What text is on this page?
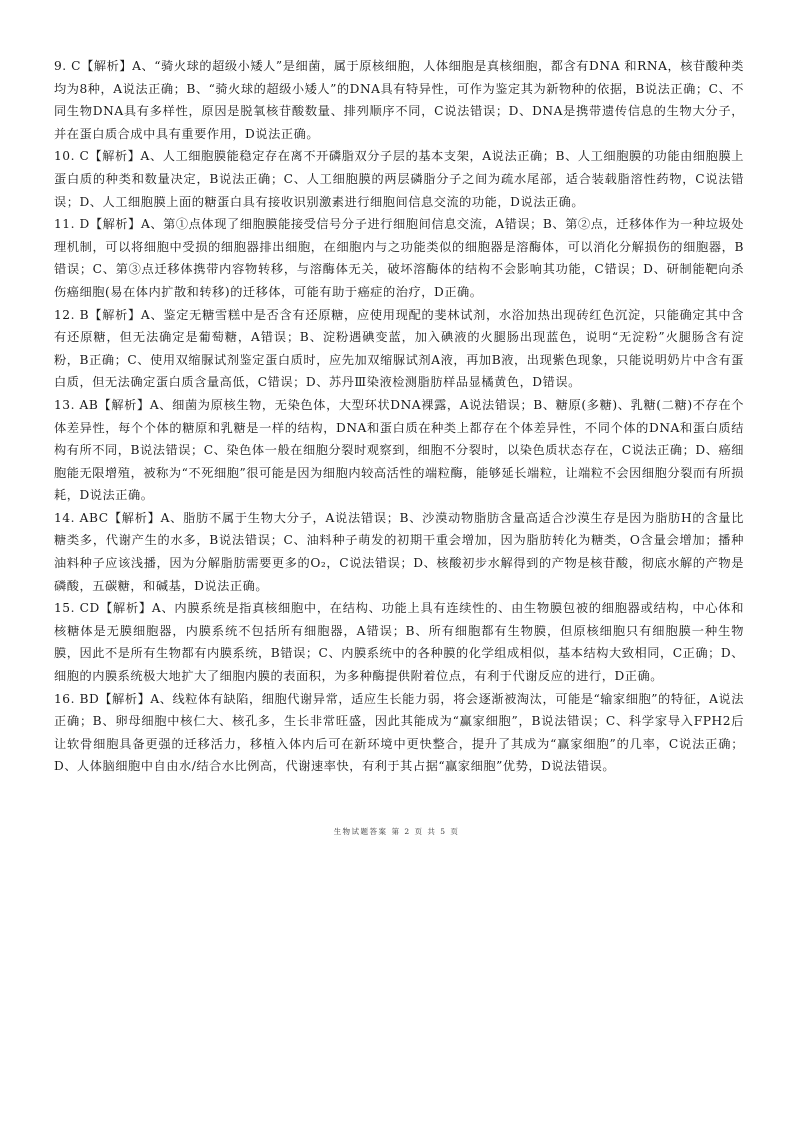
9. C【解析】A、“骑火球的超级小矮人”是细菌，属于原核细胞，人体细胞是真核细胞，都含有DNA 和RNA，核苷酸种类均为8种，A说法正确；B、“骑火球的超级小矮人”的DNA具有特异性，可作为鉴定其为新物种的依据，B说法正确；C、不同生物DNA具有多样性，原因是脱氧核苷酸数量、排列顺序不同，C说法错误；D、DNA是携带遗传信息的生物大分子，并在蛋白质合成中具有重要作用，D说法正确。

10. C【解析】A、人工细胞膜能稳定存在离不开磷脂双分子层的基本支架，A说法正确；B、人工细胞膜的功能由细胞膜上蛋白质的种类和数量决定，B说法正确；C、人工细胞膜的两层磷脂分子之间为疏水尾部，适合装载脂溶性药物，C说法错误；D、人工细胞膜上面的糖蛋白具有接收识别激素进行细胞间信息交流的功能，D说法正确。

11. D【解析】A、第①点体现了细胞膜能接受信号分子进行细胞间信息交流，A错误；B、第②点，迁移体作为一种垃圾处理机制，可以将细胞中受损的细胞器排出细胞，在细胞内与之功能类似的细胞器是溶酶体，可以消化分解损伤的细胞器，B错误；C、第③点迁移体携带内容物转移，与溶酶体无关，破坏溶酶体的结构不会影响其功能，C错误；D、研制能靶向杀伤癌细胞(易在体内扩散和转移)的迁移体，可能有助于癌症的治疗，D正确。

12. B【解析】A、鉴定无糖雪糕中是否含有还原糖，应使用现配的斐林试剂，水浴加热出现砖红色沉淀，只能确定其中含有还原糖，但无法确定是葡萄糖，A错误；B、淀粉遇碘变蓝，加入碘液的火腿肠出现蓝色，说明“无淀粉”火腿肠含有淀粉，B正确；C、使用双缩脲试剂鉴定蛋白质时，应先加双缩脲试剂A液，再加B液，出现紫色现象，只能说明奶片中含有蛋白质，但无法确定蛋白质含量高低，C错误；D、苏丹Ⅲ染液检测脂肪样品显橘黄色，D错误。

13. AB【解析】A、细菌为原核生物，无染色体，大型环状DNA裸露，A说法错误；B、糖原(多糖)、乳糖(二糖)不存在个体差异性，每个个体的糖原和乳糖是一样的结构，DNA和蛋白质在种类上都存在个体差异性，不同个体的DNA和蛋白质结构有所不同，B说法错误；C、染色体一般在细胞分裂时观察到，细胞不分裂时，以染色质状态存在，C说法正确；D、癌细胞能无限增殖，被称为“不死细胞”很可能是因为细胞内较高活性的端粒酶，能够延长端粒，让端粒不会因细胞分裂而有所损耗，D说法正确。

14. ABC【解析】A、脂肪不属于生物大分子，A说法错误；B、沙漠动物脂肪含量高适合沙漠生存是因为脂肪H的含量比糖类多，代谢产生的水多，B说法错误；C、油料种子萌发的初期干重会增加，因为脂肪转化为糖类，O含量会增加；播种油料种子应该浅播，因为分解脂肪需要更多的O₂，C说法错误；D、核酸初步水解得到的产物是核苷酸，彻底水解的产物是磷酸，五碳糖，和碱基，D说法正确。

15. CD【解析】A、内膜系统是指真核细胞中，在结构、功能上具有连续性的、由生物膜包被的细胞器或结构，中心体和核糖体是无膜细胞器，内膜系统不包括所有细胞器，A错误；B、所有细胞都有生物膜，但原核细胞只有细胞膜一种生物膜，因此不是所有生物都有内膜系统，B错误；C、内膜系统中的各种膜的化学组成相似，基本结构大致相同，C正确；D、细胞的内膜系统极大地扩大了细胞内膜的表面积，为多种酶提供附着位点，有利于代谢反应的进行，D正确。

16. BD【解析】A、线粒体有缺陷，细胞代谢异常，适应生长能力弱，将会逐渐被淘汰，可能是“输家细胞”的特征，A说法正确；B、卵母细胞中核仁大、核孔多，生长非常旺盛，因此其能成为“赢家细胞”，B说法错误；C、科学家导入FPH2后让软骨细胞具备更强的迁移活力，移植入体内后可在新环境中更快整合，提升了其成为“赢家细胞”的几率，C说法正确；D、人体脑细胞中自由水/结合水比例高，代谢速率快，有利于其占据“赢家细胞”优势，D说法错误。

生物试题答案 第 2 页 共 5 页
